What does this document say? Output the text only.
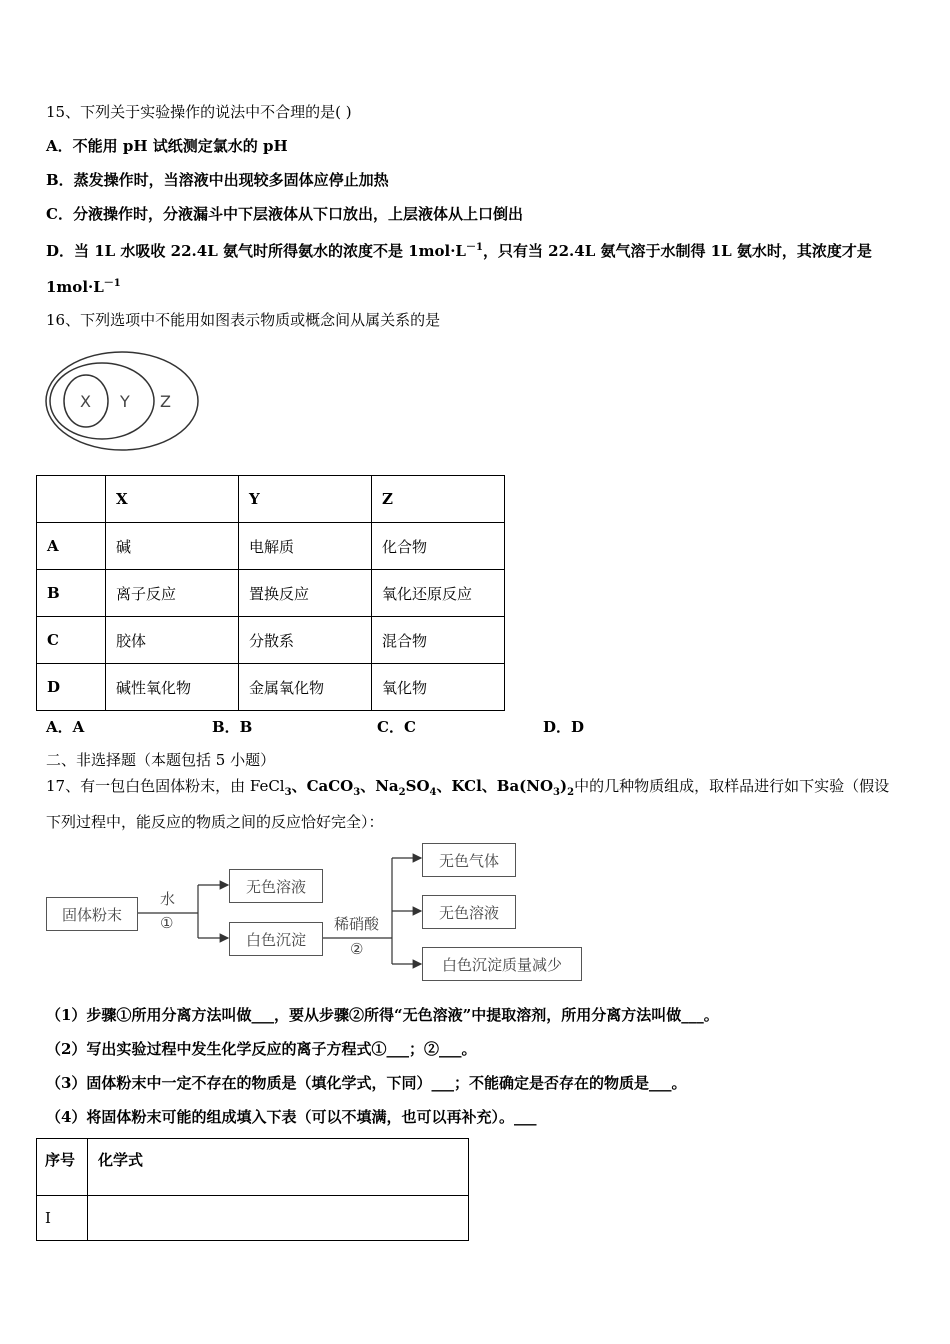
15、下列关于实验操作的说法中不合理的是( )
A．不能用 pH 试纸测定氯水的 pH
B．蒸发操作时，当溶液中出现较多固体应停止加热
C．分液操作时，分液漏斗中下层液体从下口放出，上层液体从上口倒出
D．当 1L 水吸收 22.4L 氨气时所得氨水的浓度不是 $1mol\cdot L^{-1}$，只有当 22.4L 氨气溶于水制得 1L 氨水时，其浓度才是
$1mol\cdot L^{-1}$
16、下列选项中不能用如图表示物质或概念间从属关系的是
X Y Z
	X	Y	Z
A	碱	电解质	化合物
B	离子反应	置换反应	氧化还原反应
C	胶体	分散系	混合物
D	碱性氧化物	金属氧化物	氧化物
A．A	B．B	C．C	D．D
二、非选择题（本题包括 5 小题）
17、有一包白色固体粉末，由 FeCl$_3$、CaCO$_3$、$Na_2SO_4$、KCl、$Ba(NO_3)_2$中的几种物质组成，取样品进行如下实验（假设
下列过程中，能反应的物质之间的反应恰好完全）：
固体粉末
水
①
无色溶液
白色沉淀
稀硝酸
②
无色气体
无色溶液
白色沉淀质量减少
（1）步骤①所用分离方法叫做___，要从步骤②所得“无色溶液”中提取溶剂，所用分离方法叫做___。
（2）写出实验过程中发生化学反应的离子方程式①___；②___。
（3）固体粉末中一定不存在的物质是（填化学式，下同）___；不能确定是否存在的物质是___。
（4）将固体粉末可能的组成填入下表（可以不填满，也可以再补充）。___
序号	化学式
Ⅰ	
